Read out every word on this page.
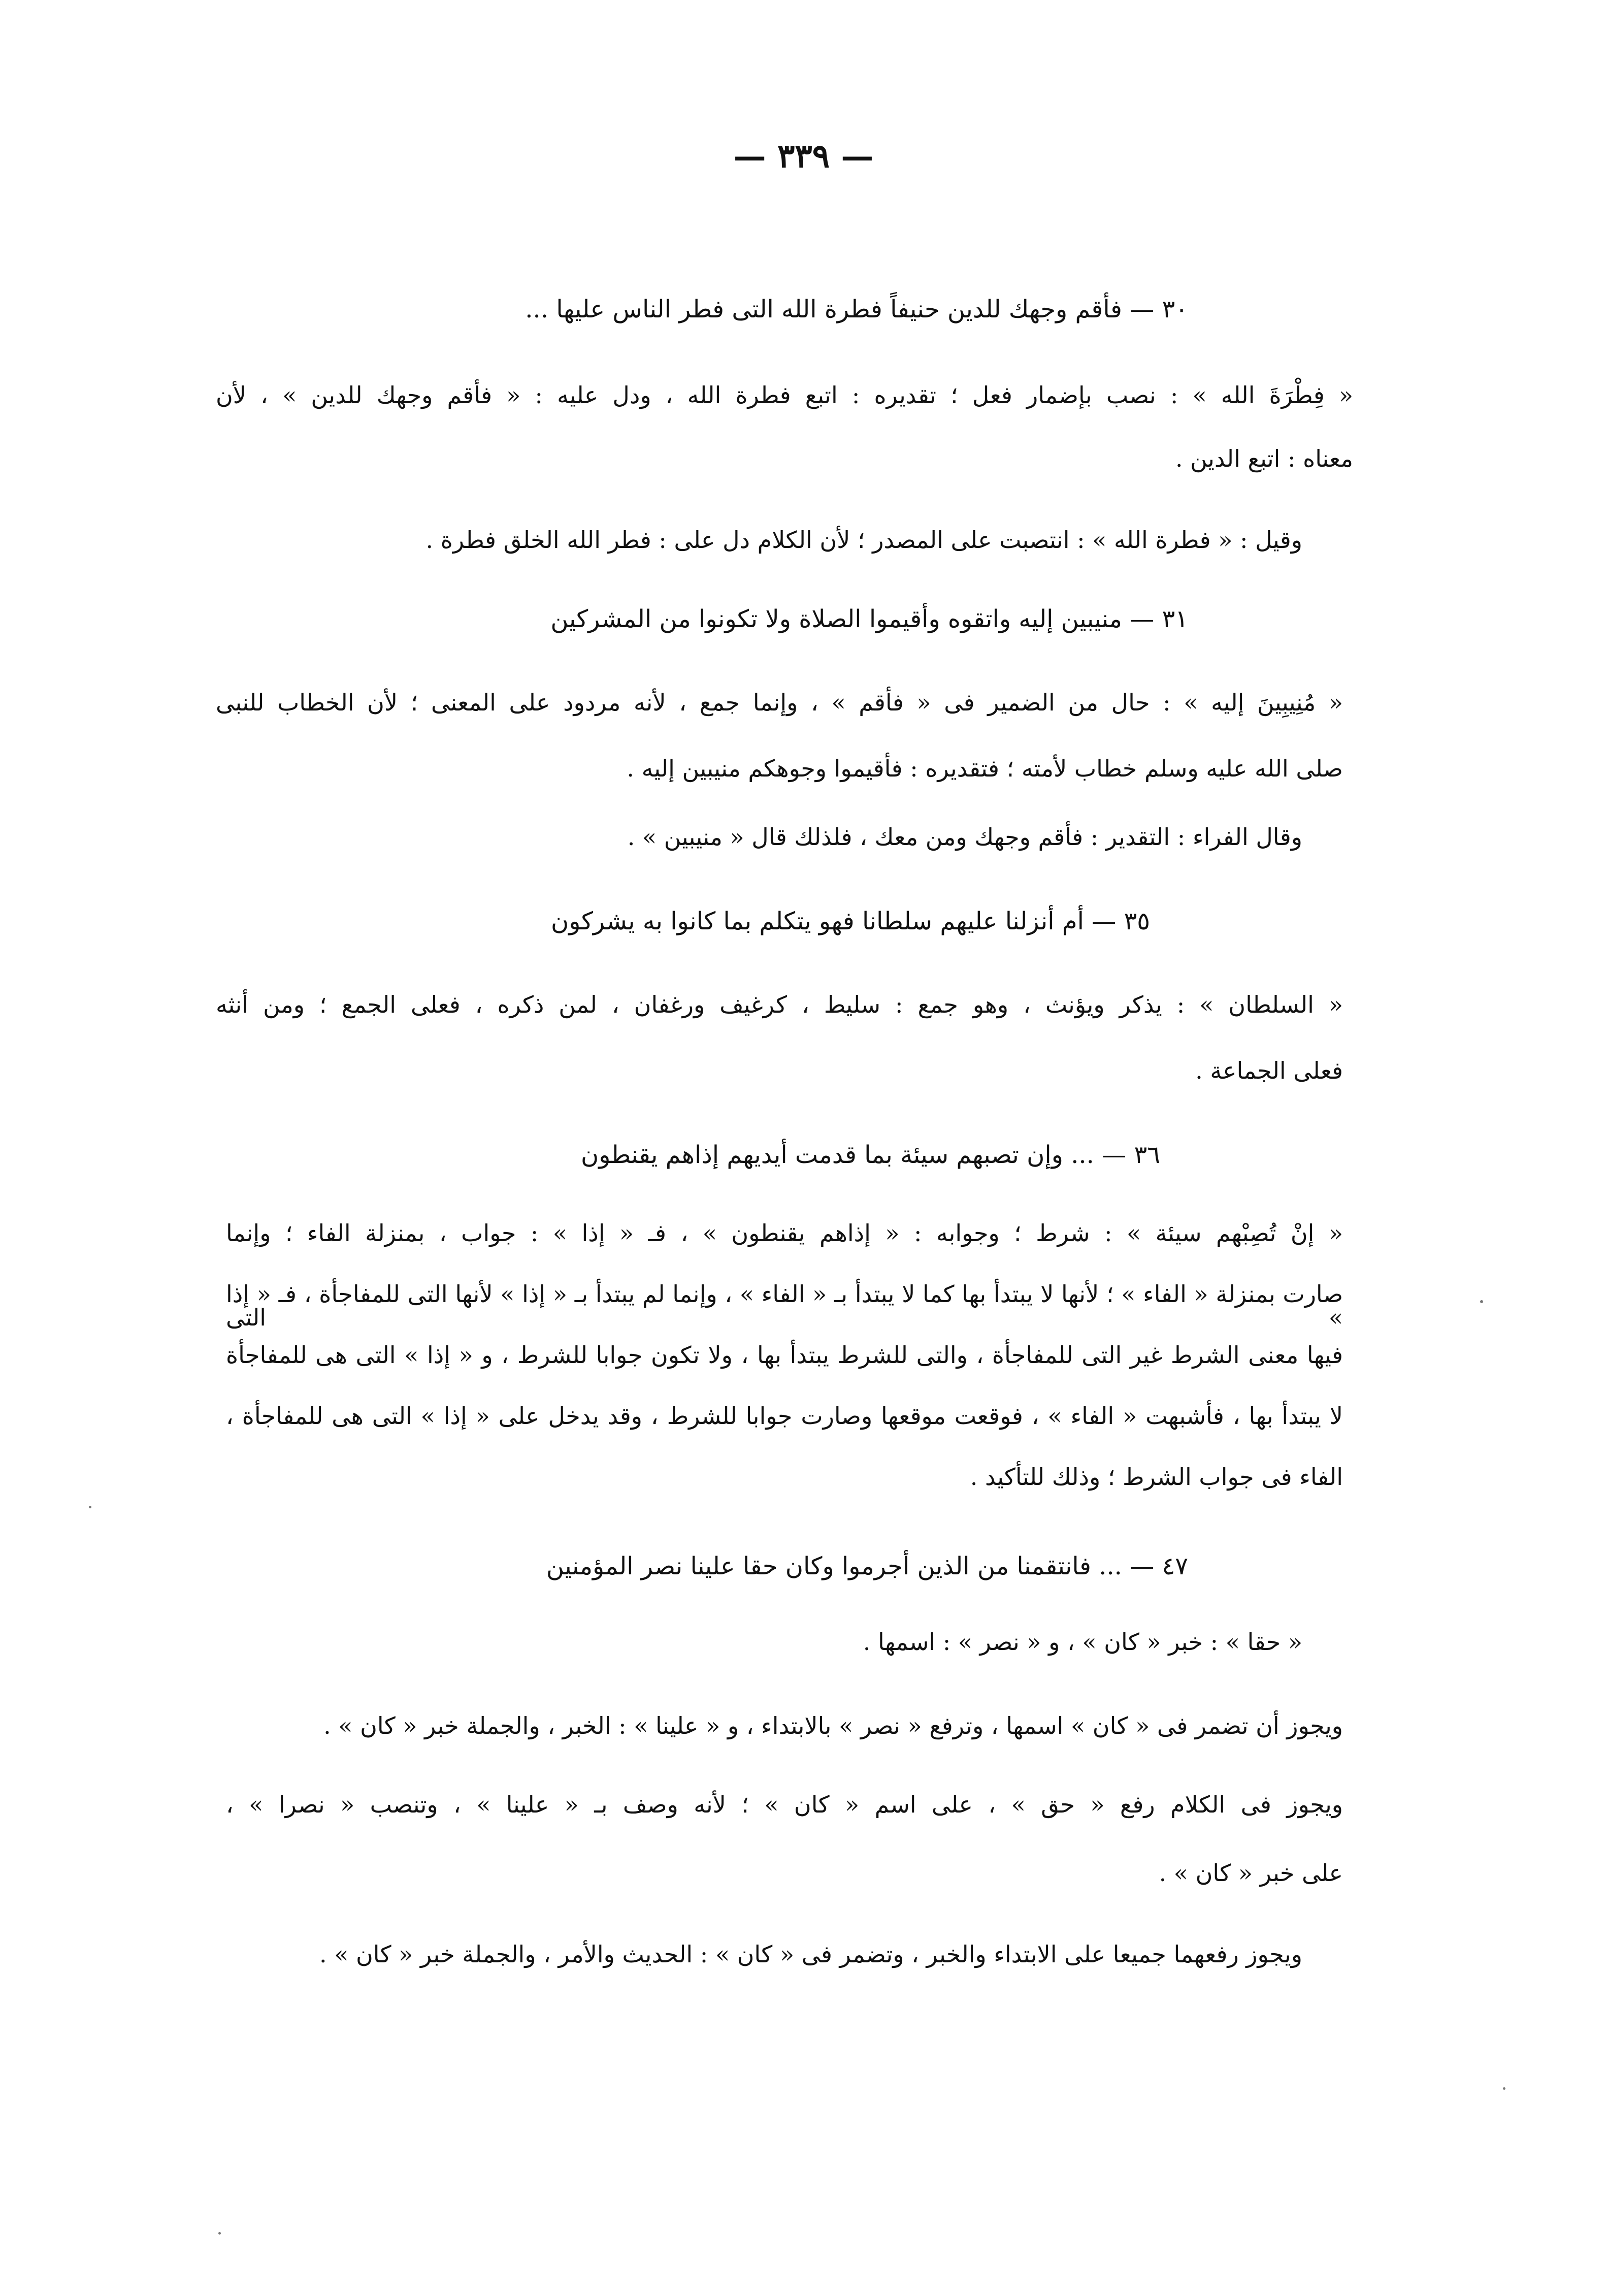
— ٣٣٩ —
٣٠ — فأقم وجهك للدين حنيفاً فطرة الله التى فطر الناس عليها ...
« فِطْرَةَ الله » : نصب بإضمار فعل ؛ تقديره : اتبع فطرة الله ، ودل عليه : « فأقم وجهك للدين » ، لأن
معناه : اتبع الدين .
وقيل : « فطرة الله » : انتصبت على المصدر ؛ لأن الكلام دل على : فطر الله الخلق فطرة .
٣١ — منيبين إليه واتقوه وأقيموا الصلاة ولا تكونوا من المشركين
« مُنِيبِينَ إليه » : حال من الضمير فى « فأقم » ، وإنما جمع ، لأنه مردود على المعنى ؛ لأن الخطاب للنبى
صلى الله عليه وسلم خطاب لأمته ؛ فتقديره : فأقيموا وجوهكم منيبين إليه .
وقال الفراء : التقدير : فأقم وجهك ومن معك ، فلذلك قال « منيبين » .
٣٥ — أم أنزلنا عليهم سلطانا فهو يتكلم بما كانوا به يشركون
« السلطان » : يذكر ويؤنث ، وهو جمع : سليط ، كرغيف ورغفان ، لمن ذكره ، فعلى الجمع ؛ ومن أنثه
فعلى الجماعة .
٣٦ — ... وإن تصبهم سيئة بما قدمت أيديهم إذاهم يقنطون
« إنْ تُصِبْهم سيئة » : شرط ؛ وجوابه : « إذاهم يقنطون » ، فـ « إذا » : جواب ، بمنزلة الفاء ؛ وإنما
صارت بمنزلة « الفاء » ؛ لأنها لا يبتدأ بها كما لا يبتدأ بـ « الفاء » ، وإنما لم يبتدأ بـ « إذا » لأنها التى للمفاجأة ، فـ « إذا » التى
فيها معنى الشرط غير التى للمفاجأة ، والتى للشرط يبتدأ بها ، ولا تكون جوابا للشرط ، و « إذا » التى هى للمفاجأة
لا يبتدأ بها ، فأشبهت « الفاء » ، فوقعت موقعها وصارت جوابا للشرط ، وقد يدخل على « إذا » التى هى للمفاجأة ،
الفاء فى جواب الشرط ؛ وذلك للتأكيد .
٤٧ — ... فانتقمنا من الذين أجرموا وكان حقا علينا نصر المؤمنين
« حقا » : خبر « كان » ، و « نصر » : اسمها .
ويجوز أن تضمر فى « كان » اسمها ، وترفع « نصر » بالابتداء ، و « علينا » : الخبر ، والجملة خبر « كان » .
ويجوز فى الكلام رفع « حق » ، على اسم « كان » ؛ لأنه وصف بـ « علينا » ، وتنصب « نصرا » ،
على خبر « كان » .
ويجوز رفعهما جميعا على الابتداء والخبر ، وتضمر فى « كان » : الحديث والأمر ، والجملة خبر « كان » .
